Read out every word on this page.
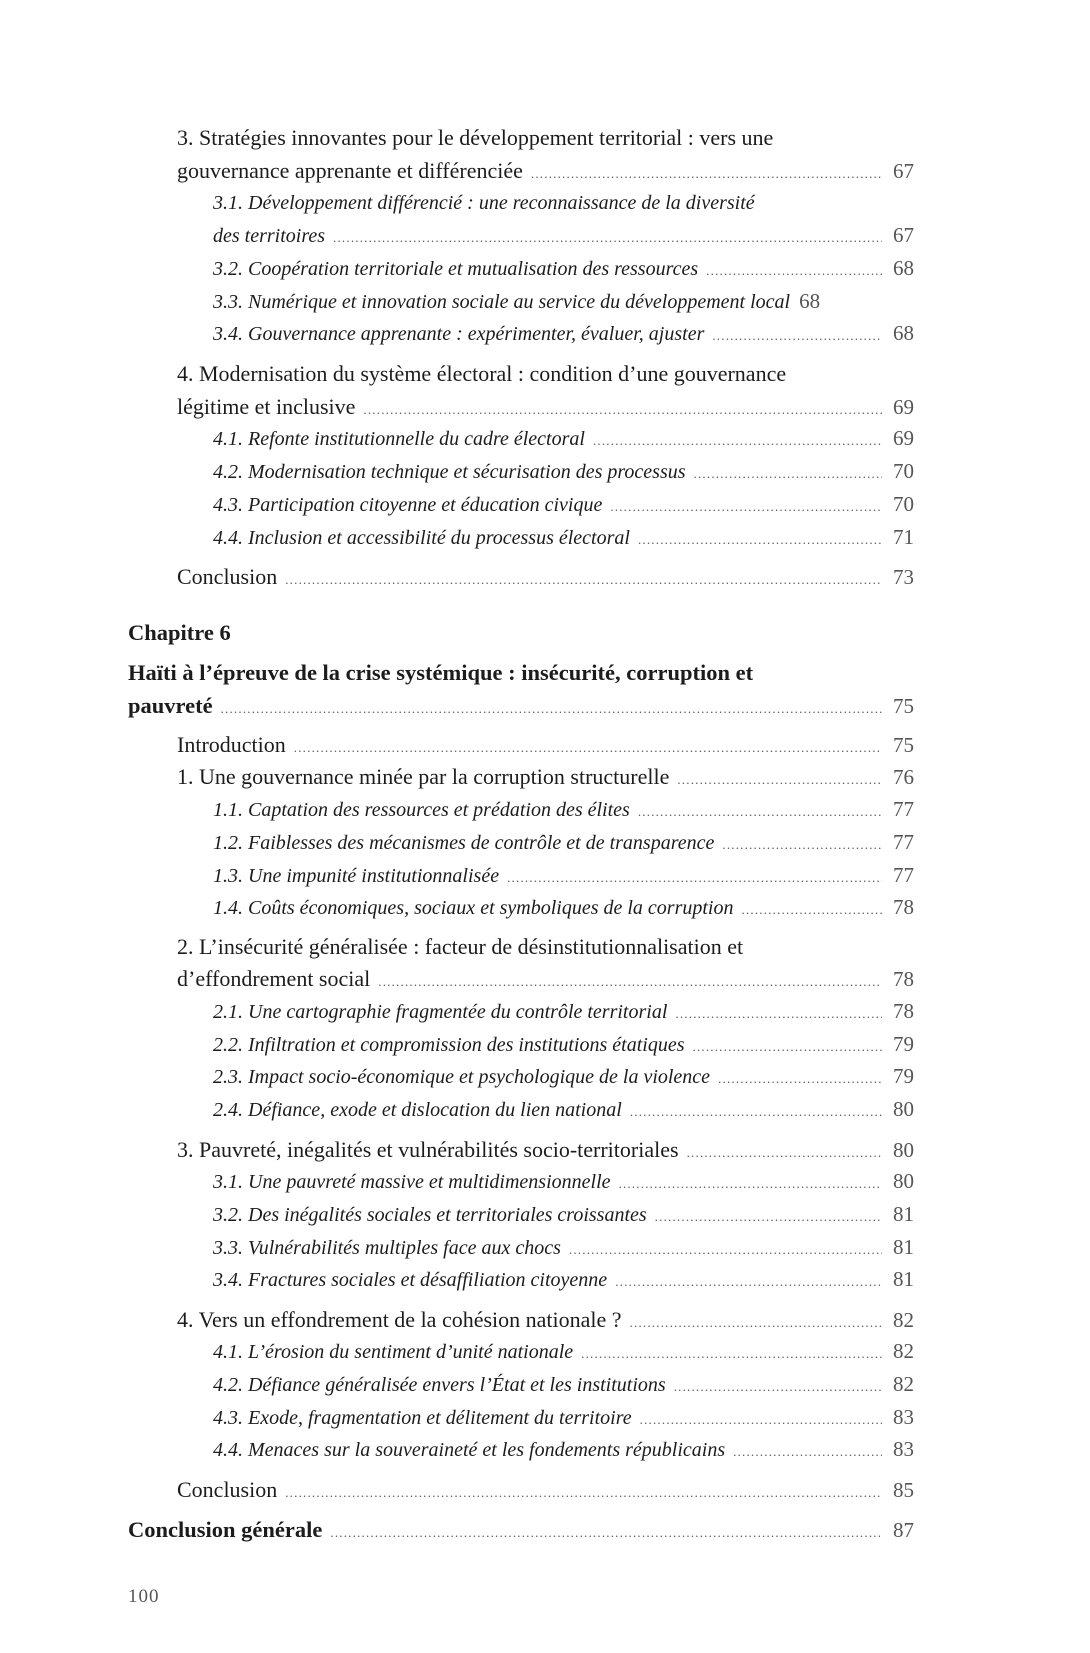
3. Stratégies innovantes pour le développement territorial : vers une
gouvernance apprenante et différenciée .....	67
3.1. Développement différencié : une reconnaissance de la diversité
des territoires .....	67
3.2. Coopération territoriale et mutualisation des ressources .....	68
3.3. Numérique et innovation sociale au service du développement local 68
3.4. Gouvernance apprenante : expérimenter, évaluer, ajuster .....	68
4. Modernisation du système électoral : condition d’une gouvernance
légitime et inclusive .....	69
4.1. Refonte institutionnelle du cadre électoral .....	69
4.2. Modernisation technique et sécurisation des processus .....	70
4.3. Participation citoyenne et éducation civique .....	70
4.4. Inclusion et accessibilité du processus électoral .....	71
Conclusion .....	73
Chapitre 6
Haïti à l’épreuve de la crise systémique : insécurité, corruption et
pauvreté .....	75
Introduction .....	75
1. Une gouvernance minée par la corruption structurelle .....	76
1.1. Captation des ressources et prédation des élites .....	77
1.2. Faiblesses des mécanismes de contrôle et de transparence .....	77
1.3. Une impunité institutionnalisée .....	77
1.4. Coûts économiques, sociaux et symboliques de la corruption .....	78
2. L’insécurité généralisée : facteur de désinstitutionnalisation et
d’effondrement social .....	78
2.1. Une cartographie fragmentée du contrôle territorial .....	78
2.2. Infiltration et compromission des institutions étatiques .....	79
2.3. Impact socio-économique et psychologique de la violence .....	79
2.4. Défiance, exode et dislocation du lien national .....	80
3. Pauvreté, inégalités et vulnérabilités socio-territoriales .....	80
3.1. Une pauvreté massive et multidimensionnelle .....	80
3.2. Des inégalités sociales et territoriales croissantes .....	81
3.3. Vulnérabilités multiples face aux chocs .....	81
3.4. Fractures sociales et désaffiliation citoyenne .....	81
4. Vers un effondrement de la cohésion nationale ? .....	82
4.1. L’érosion du sentiment d’unité nationale .....	82
4.2. Défiance généralisée envers l’État et les institutions .....	82
4.3. Exode, fragmentation et délitement du territoire .....	83
4.4. Menaces sur la souveraineté et les fondements républicains .....	83
Conclusion .....	85
Conclusion générale .....	87
100
